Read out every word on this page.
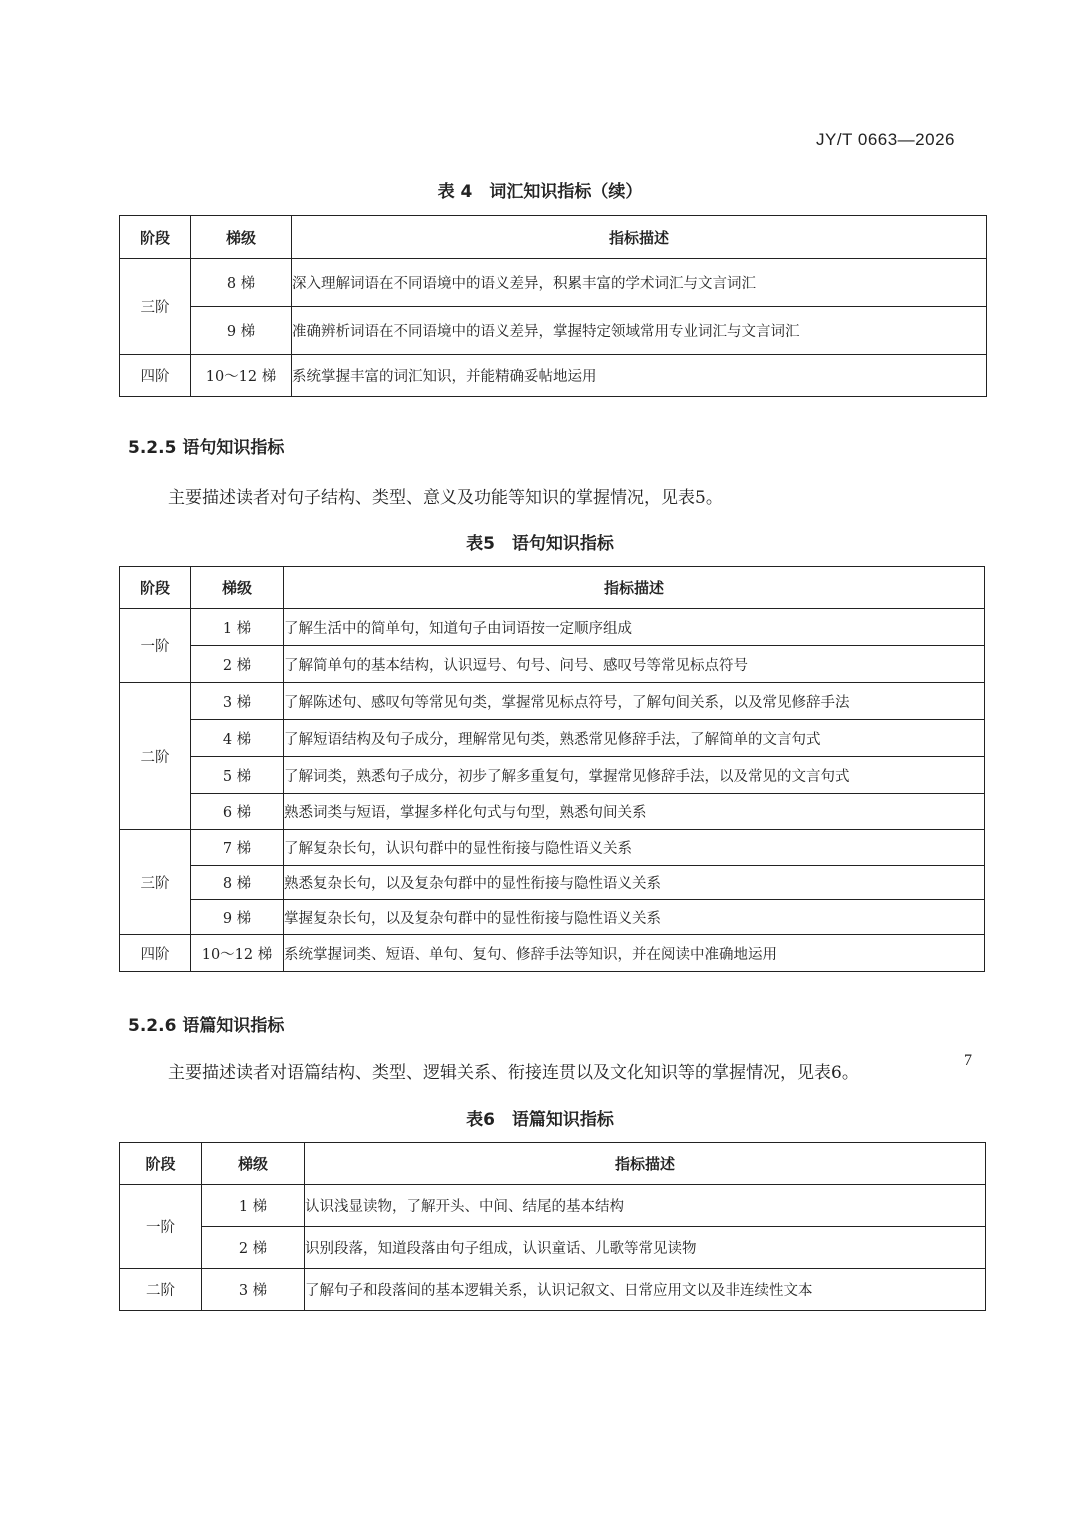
JY/T 0663—2026
表 4　词汇知识指标（续）
阶段	梯级	指标描述
三阶	8 梯	深入理解词语在不同语境中的语义差异，积累丰富的学术词汇与文言词汇
	9 梯	准确辨析词语在不同语境中的语义差异，掌握特定领域常用专业词汇与文言词汇
四阶	10～12 梯	系统掌握丰富的词汇知识，并能精确妥帖地运用
5.2.5 语句知识指标
主要描述读者对句子结构、类型、意义及功能等知识的掌握情况，见表5。
表5　语句知识指标
阶段	梯级	指标描述
一阶	1 梯	了解生活中的简单句，知道句子由词语按一定顺序组成
	2 梯	了解简单句的基本结构，认识逗号、句号、问号、感叹号等常见标点符号
二阶	3 梯	了解陈述句、感叹句等常见句类，掌握常见标点符号，了解句间关系，以及常见修辞手法
	4 梯	了解短语结构及句子成分，理解常见句类，熟悉常见修辞手法，了解简单的文言句式
	5 梯	了解词类，熟悉句子成分，初步了解多重复句，掌握常见修辞手法，以及常见的文言句式
	6 梯	熟悉词类与短语，掌握多样化句式与句型，熟悉句间关系
三阶	7 梯	了解复杂长句，认识句群中的显性衔接与隐性语义关系
	8 梯	熟悉复杂长句，以及复杂句群中的显性衔接与隐性语义关系
	9 梯	掌握复杂长句，以及复杂句群中的显性衔接与隐性语义关系
四阶	10～12 梯	系统掌握词类、短语、单句、复句、修辞手法等知识，并在阅读中准确地运用
5.2.6 语篇知识指标
主要描述读者对语篇结构、类型、逻辑关系、衔接连贯以及文化知识等的掌握情况，见表6。
表6　语篇知识指标
阶段	梯级	指标描述
一阶	1 梯	认识浅显读物，了解开头、中间、结尾的基本结构
	2 梯	识别段落，知道段落由句子组成，认识童话、儿歌等常见读物
二阶	3 梯	了解句子和段落间的基本逻辑关系，认识记叙文、日常应用文以及非连续性文本
7
